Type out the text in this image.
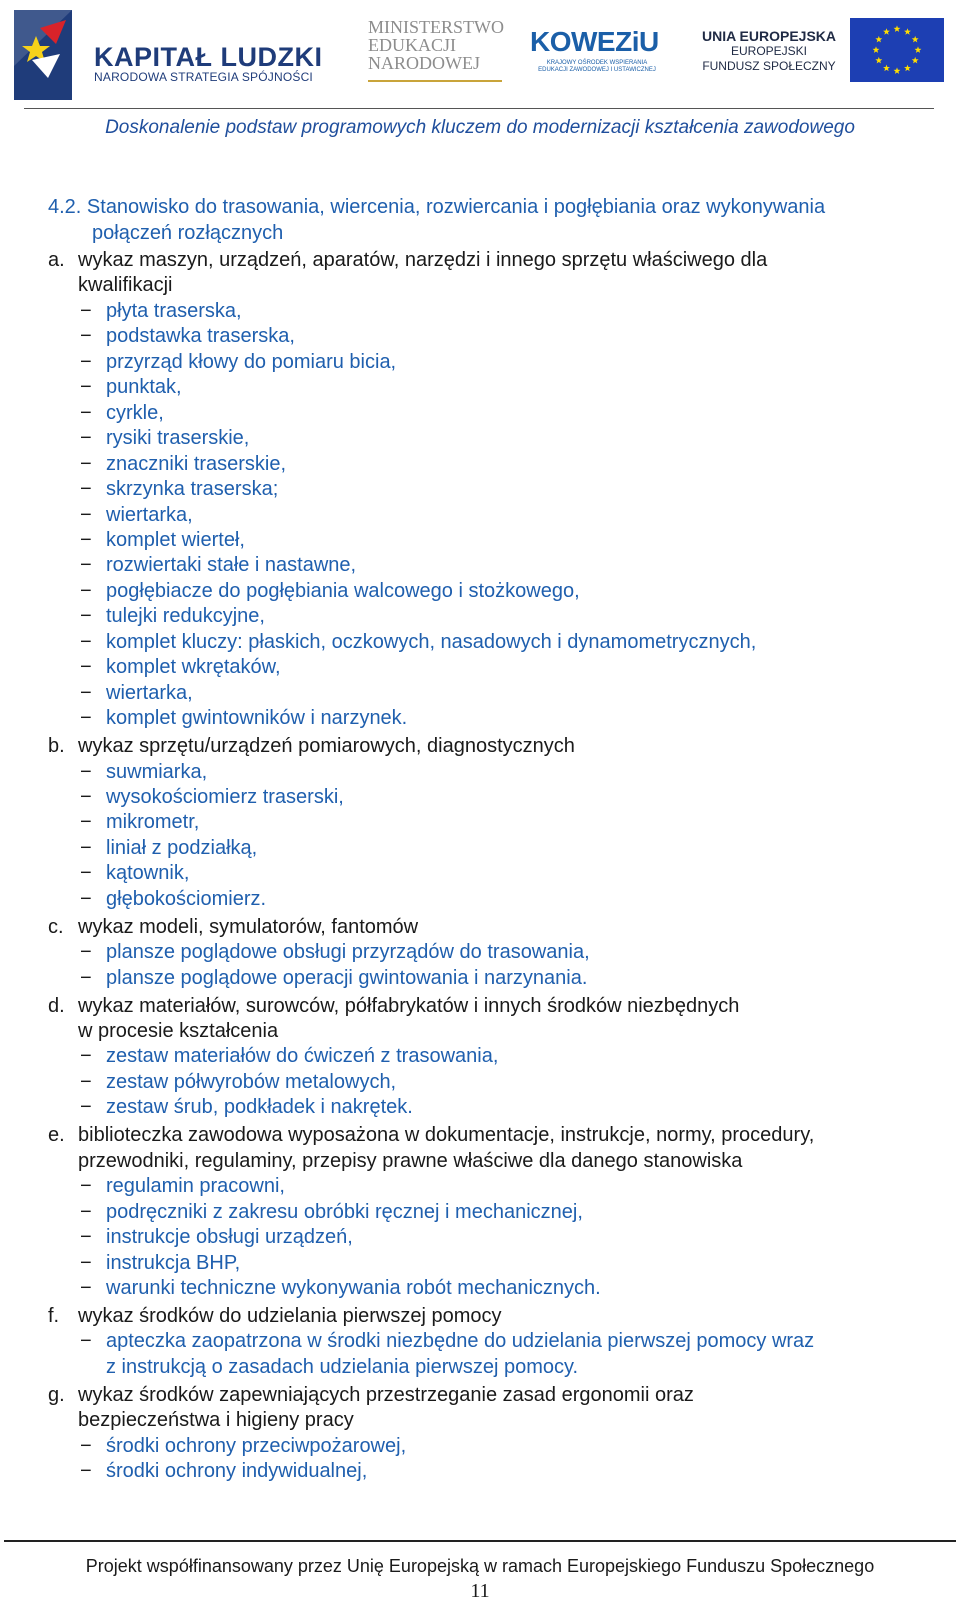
KAPITAŁ LUDZKI
NARODOWA STRATEGIA SPÓJNOŚCI
MINISTERSTWO
EDUKACJI
NARODOWEJ
KOWEZiU
KRAJOWY OŚRODEK WSPIERANIA EDUKACJI ZAWODOWEJ I USTAWICZNEJ
UNIA EUROPEJSKA
EUROPEJSKI
FUNDUSZ SPOŁECZNY
Doskonalenie podstaw programowych kluczem do modernizacji kształcenia zawodowego
4.2. Stanowisko do trasowania, wiercenia, rozwiercania i pogłębiania oraz wykonywania
połączeń rozłącznych
a. wykaz maszyn, urządzeń, aparatów, narzędzi i innego sprzętu właściwego dla
kwalifikacji
− płyta traserska,
− podstawka traserska,
− przyrząd kłowy do pomiaru bicia,
− punktak,
− cyrkle,
− rysiki traserskie,
− znaczniki traserskie,
− skrzynka traserska;
− wiertarka,
− komplet wierteł,
− rozwiertaki stałe i nastawne,
− pogłębiacze do pogłębiania walcowego i stożkowego,
− tulejki redukcyjne,
− komplet kluczy: płaskich, oczkowych, nasadowych i dynamometrycznych,
− komplet wkrętaków,
− wiertarka,
− komplet gwintowników i narzynek.
b. wykaz sprzętu/urządzeń pomiarowych, diagnostycznych
− suwmiarka,
− wysokościomierz traserski,
− mikrometr,
− liniał z podziałką,
− kątownik,
− głębokościomierz.
c. wykaz modeli, symulatorów, fantomów
− plansze poglądowe obsługi przyrządów do trasowania,
− plansze poglądowe operacji gwintowania i narzynania.
d. wykaz materiałów, surowców, półfabrykatów i innych środków niezbędnych
w procesie kształcenia
− zestaw materiałów do ćwiczeń z trasowania,
− zestaw półwyrobów metalowych,
− zestaw śrub, podkładek i nakrętek.
e. biblioteczka zawodowa wyposażona w dokumentacje, instrukcje, normy, procedury,
przewodniki, regulaminy, przepisy prawne właściwe dla danego stanowiska
− regulamin pracowni,
− podręczniki z zakresu obróbki ręcznej i mechanicznej,
− instrukcje obsługi urządzeń,
− instrukcja BHP,
− warunki techniczne wykonywania robót mechanicznych.
f. wykaz środków do udzielania pierwszej pomocy
− apteczka zaopatrzona w środki niezbędne do udzielania pierwszej pomocy wraz
z instrukcją o zasadach udzielania pierwszej pomocy.
g. wykaz środków zapewniających przestrzeganie zasad ergonomii oraz
bezpieczeństwa i higieny pracy
− środki ochrony przeciwpożarowej,
− środki ochrony indywidualnej,
Projekt współfinansowany przez Unię Europejską w ramach Europejskiego Funduszu Społecznego
11
